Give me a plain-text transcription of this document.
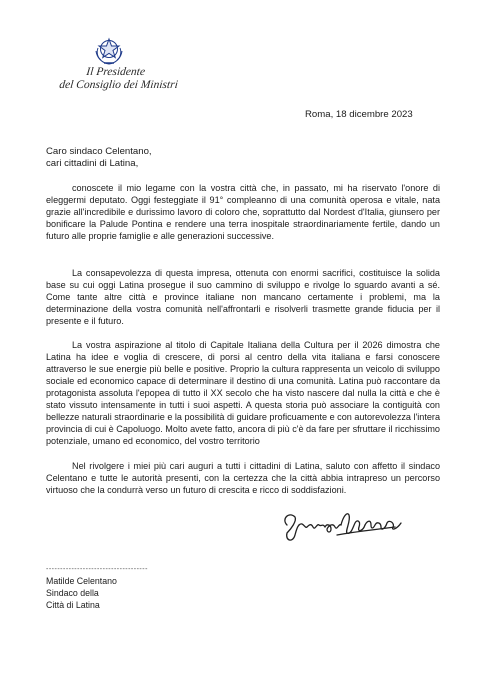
Il Presidente
del Consiglio dei Ministri
Roma, 18 dicembre 2023
Caro sindaco Celentano,
cari cittadini di Latina,

conoscete il mio legame con la vostra città che, in passato, mi ha riservato l'onore di eleggermi deputato. Oggi festeggiate il 91° compleanno di una comunità operosa e vitale, nata grazie all'incredibile e durissimo lavoro di coloro che, soprattutto dal Nordest d'Italia, giunsero per bonificare la Palude Pontina e rendere una terra inospitale straordinariamente fertile, dando un futuro alle proprie famiglie e alle generazioni successive.

La consapevolezza di questa impresa, ottenuta con enormi sacrifici, costituisce la solida base su cui oggi Latina prosegue il suo cammino di sviluppo e rivolge lo sguardo avanti a sé. Come tante altre città e province italiane non mancano certamente i problemi, ma la determinazione della vostra comunità nell'affrontarli e risolverli trasmette grande fiducia per il presente e il futuro.

La vostra aspirazione al titolo di Capitale Italiana della Cultura per il 2026 dimostra che Latina ha idee e voglia di crescere, di porsi al centro della vita italiana e farsi conoscere attraverso le sue energie più belle e positive. Proprio la cultura rappresenta un veicolo di sviluppo sociale ed economico capace di determinare il destino di una comunità. Latina può raccontare da protagonista assoluta l'epopea di tutto il XX secolo che ha visto nascere dal nulla la città e che è stato vissuto intensamente in tutti i suoi aspetti. A questa storia può associare la contiguità con bellezze naturali straordinarie e la possibilità di guidare proficuamente e con autorevolezza l'intera provincia di cui è Capoluogo. Molto avete fatto, ancora di più c'è da fare per sfruttare il ricchissimo potenziale, umano ed economico, del vostro territorio

Nel rivolgere i miei più cari auguri a tutti i cittadini di Latina, saluto con affetto il sindaco Celentano e tutte le autorità presenti, con la certezza che la città abbia intrapreso un percorso virtuoso che la condurrà verso un futuro di crescita e ricco di soddisfazioni.

------------------------------------
Matilde Celentano
Sindaco della
Città di Latina
